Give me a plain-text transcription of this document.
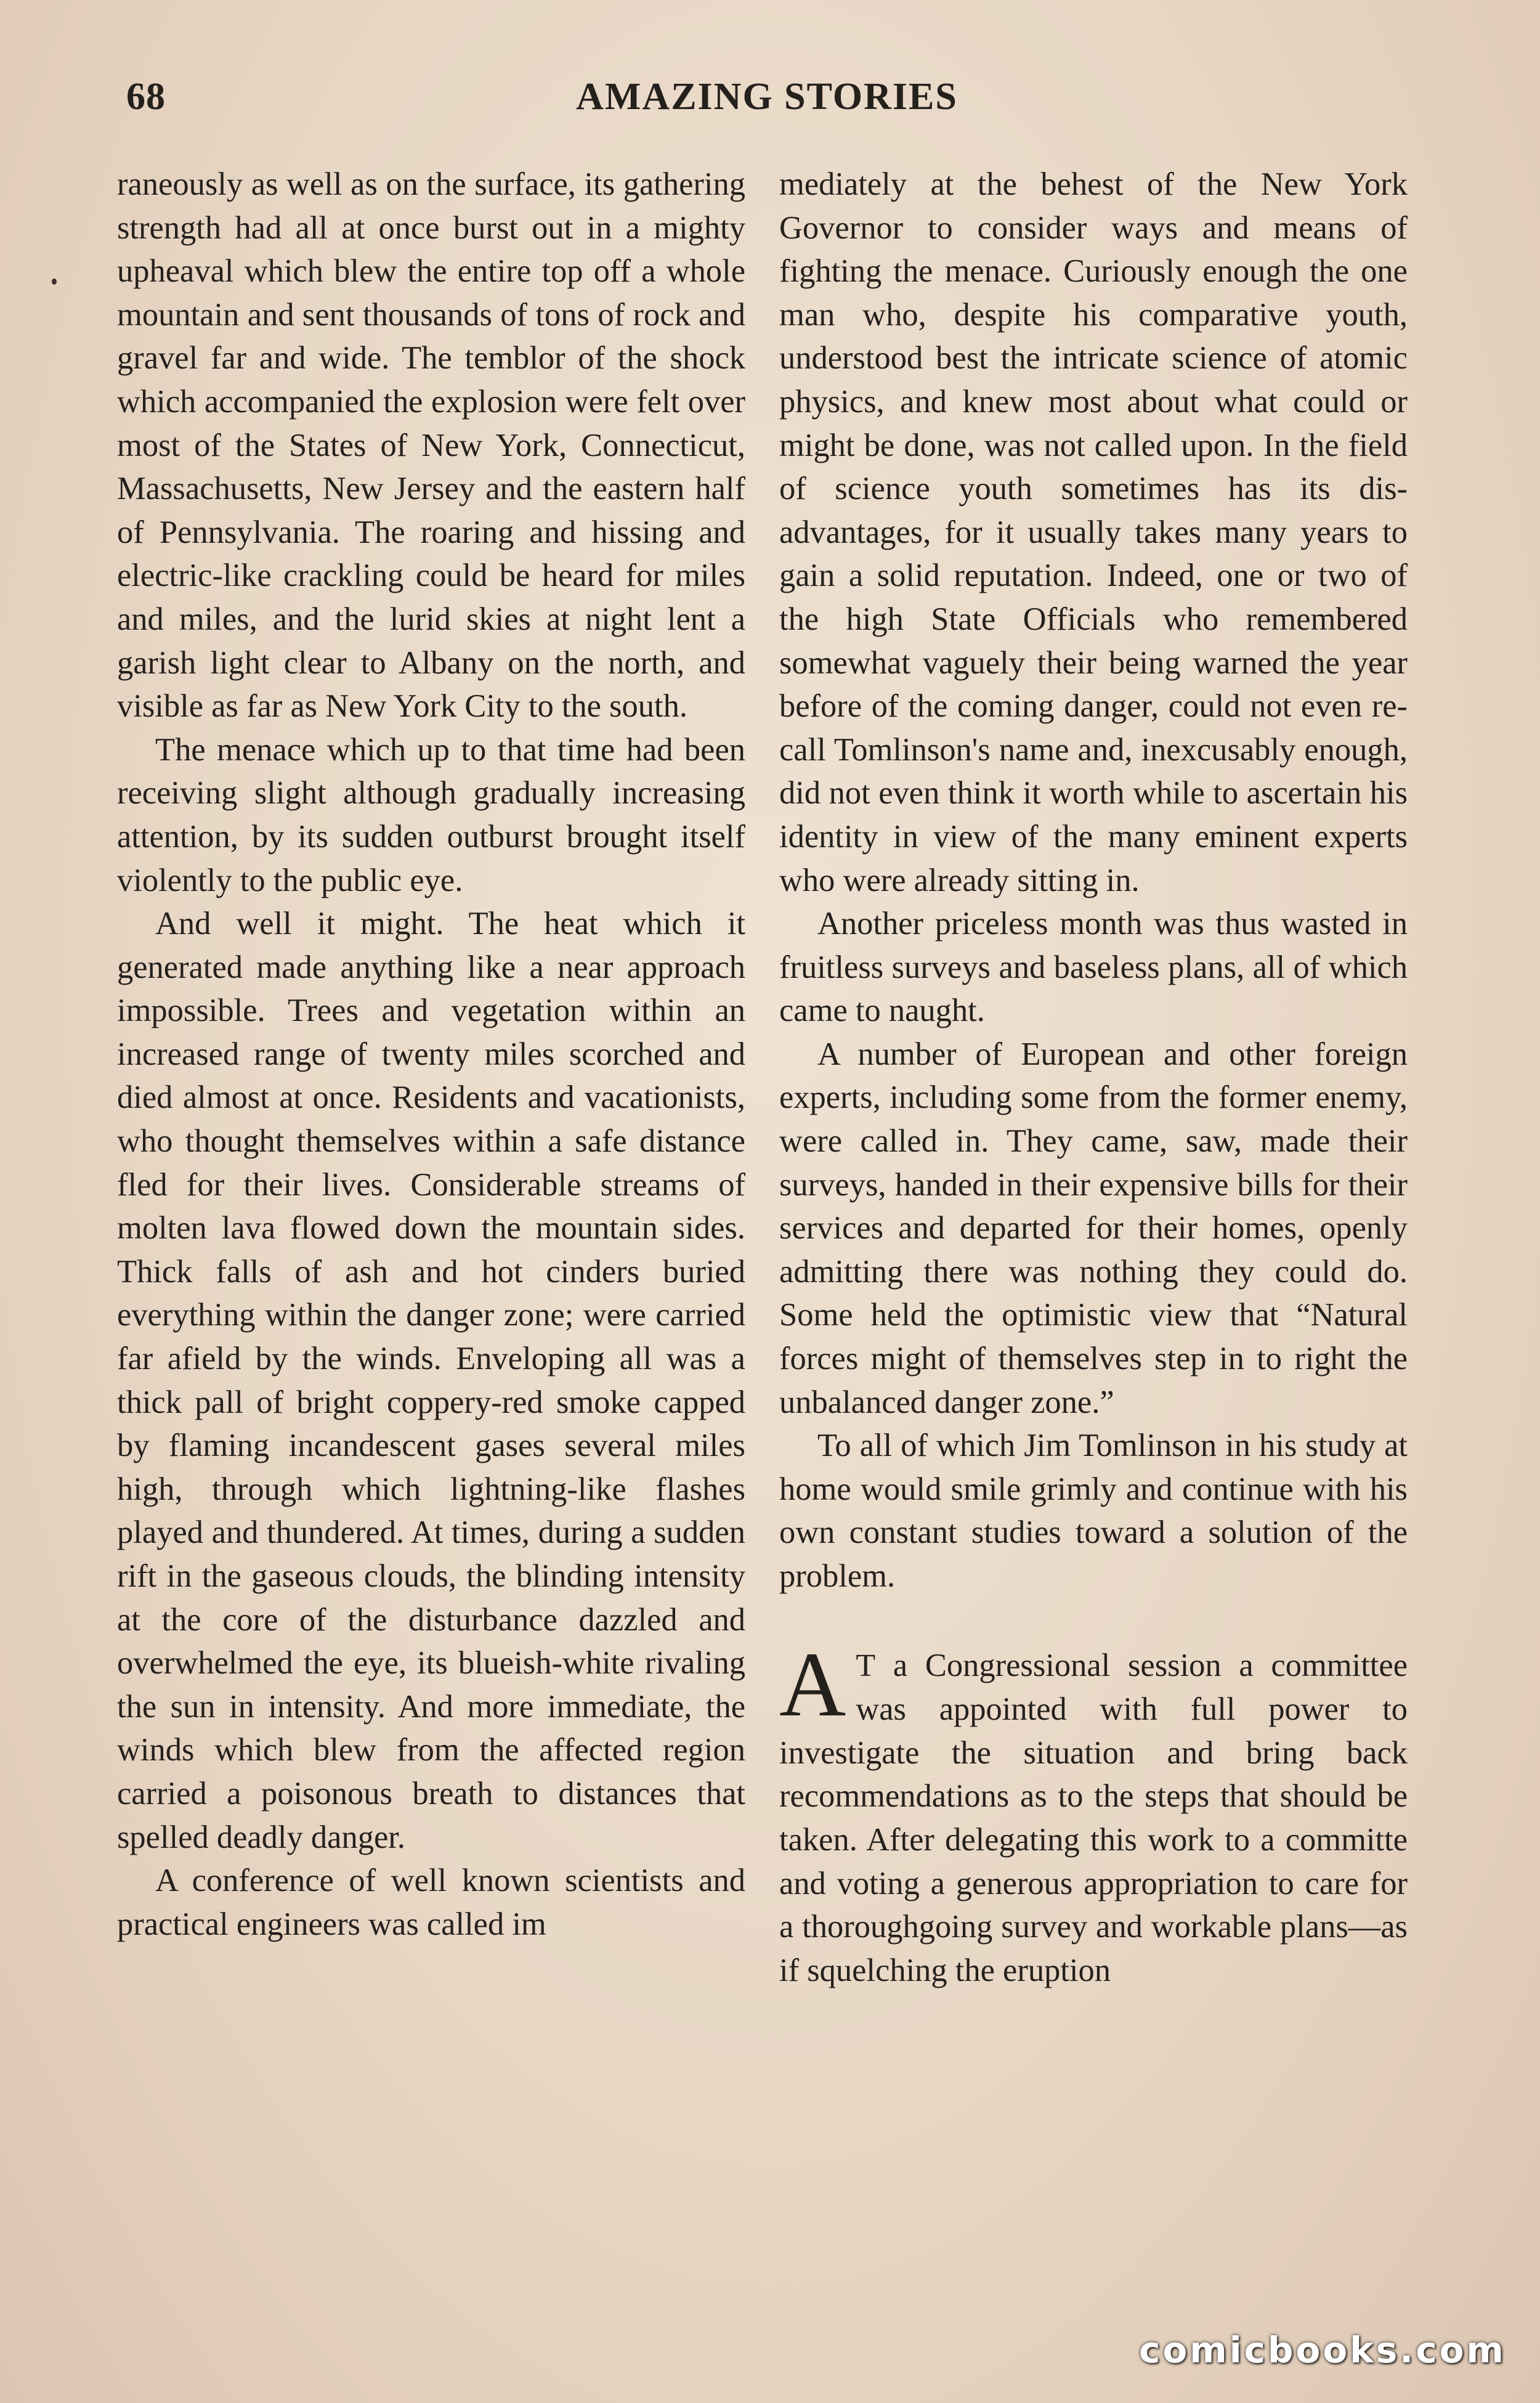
68	AMAZING STORIES

raneously as well as on the surface, its gathering strength had all at once burst out in a mighty upheaval which blew the entire top off a whole mountain and sent thousands of tons of rock and gravel far and wide. The temblor of the shock which accompanied the explosion were felt over most of the States of New York, Connecticut, Massachusetts, New Jersey and the eastern half of Pennsylvania. The roaring and hissing and electric-like crackling could be heard for miles and miles, and the lurid skies at night lent a garish light clear to Albany on the north, and visible as far as New York City to the south.

The menace which up to that time had been receiving slight although gradually increasing attention, by its sudden outburst brought itself violently to the public eye.

And well it might. The heat which it generated made anything like a near approach impossible. Trees and vegetation within an increased range of twenty miles scorched and died almost at once. Residents and vacationists, who thought themselves within a safe distance fled for their lives. Considerable streams of molten lava flowed down the mountain sides. Thick falls of ash and hot cinders buried everything within the danger zone; were carried far afield by the winds. Enveloping all was a thick pall of bright coppery-red smoke capped by flaming incandescent gases several miles high, through which lightning-like flashes played and thundered. At times, during a sudden rift in the gaseous clouds, the blinding intensity at the core of the disturbance dazzled and overwhelmed the eye, its blueish-white rivaling the sun in intensity. And more immediate, the winds which blew from the affected region carried a poisonous breath to distances that spelled deadly danger.

A conference of well known scientists and practical engineers was called im

mediately at the behest of the New York Governor to consider ways and means of fighting the menace. Curiously enough the one man who, despite his comparative youth, understood best the intricate science of atomic physics, and knew most about what could or might be done, was not called upon. In the field of science youth sometimes has its disadvantages, for it usually takes many years to gain a solid reputation. Indeed, one or two of the high State Officials who remembered somewhat vaguely their being warned the year before of the coming danger, could not even recall Tomlinson's name and, inexcusably enough, did not even think it worth while to ascertain his identity in view of the many eminent experts who were already sitting in.

Another priceless month was thus wasted in fruitless surveys and baseless plans, all of which came to naught.

A number of European and other foreign experts, including some from the former enemy, were called in. They came, saw, made their surveys, handed in their expensive bills for their services and departed for their homes, openly admitting there was nothing they could do. Some held the optimistic view that “Natural forces might of themselves step in to right the unbalanced danger zone.”

To all of which Jim Tomlinson in his study at home would smile grimly and continue with his own constant studies toward a solution of the problem.

A T a Congressional session a committee was appointed with full power to investigate the situation and bring back recommendations as to the steps that should be taken. After delegating this work to a committe and voting a generous appropriation to care for a thoroughgoing survey and workable plans—as if squelching the eruption

comicbooks.com
